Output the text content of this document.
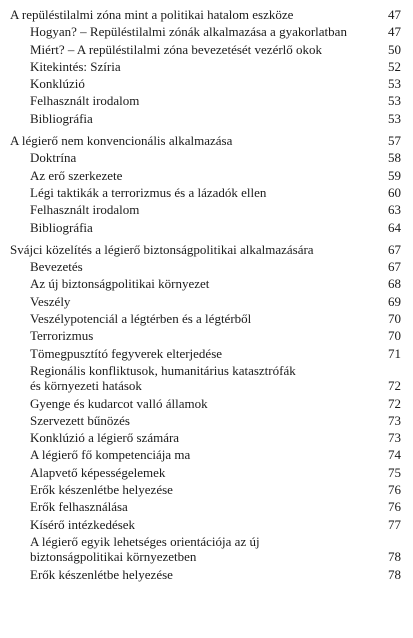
A repüléstilalmi zóna mint a politikai hatalom eszköze	47
Hogyan? – Repüléstilalmi zónák alkalmazása a gyakorlatban	47
Miért? – A repüléstilalmi zóna bevezetését vezérlő okok	50
Kitekintés: Szíria	52
Konklúzió	53
Felhasznált irodalom	53
Bibliográfia	53
A légierő nem konvencionális alkalmazása	57
Doktrína	58
Az erő szerkezete	59
Légi taktikák a terrorizmus és a lázadók ellen	60
Felhasznált irodalom	63
Bibliográfia	64
Svájci közelítés a légierő biztonságpolitikai alkalmazására	67
Bevezetés	67
Az új biztonságpolitikai környezet	68
Veszély	69
Veszélypotenciál a légtérben és a légtérből	70
Terrorizmus	70
Tömegpusztító fegyverek elterjedése	71
Regionális konfliktusok, humanitárius katasztrófák
és környezeti hatások	72
Gyenge és kudarcot valló államok	72
Szervezett bűnözés	73
Konklúzió a légierő számára	73
A légierő fő kompetenciája ma	74
Alapvető képességelemek	75
Erők készenlétbe helyezése	76
Erők felhasználása	76
Kísérő intézkedések	77
A légierő egyik lehetséges orientációja az új
biztonságpolitikai környezetben	78
Erők készenlétbe helyezése	78
